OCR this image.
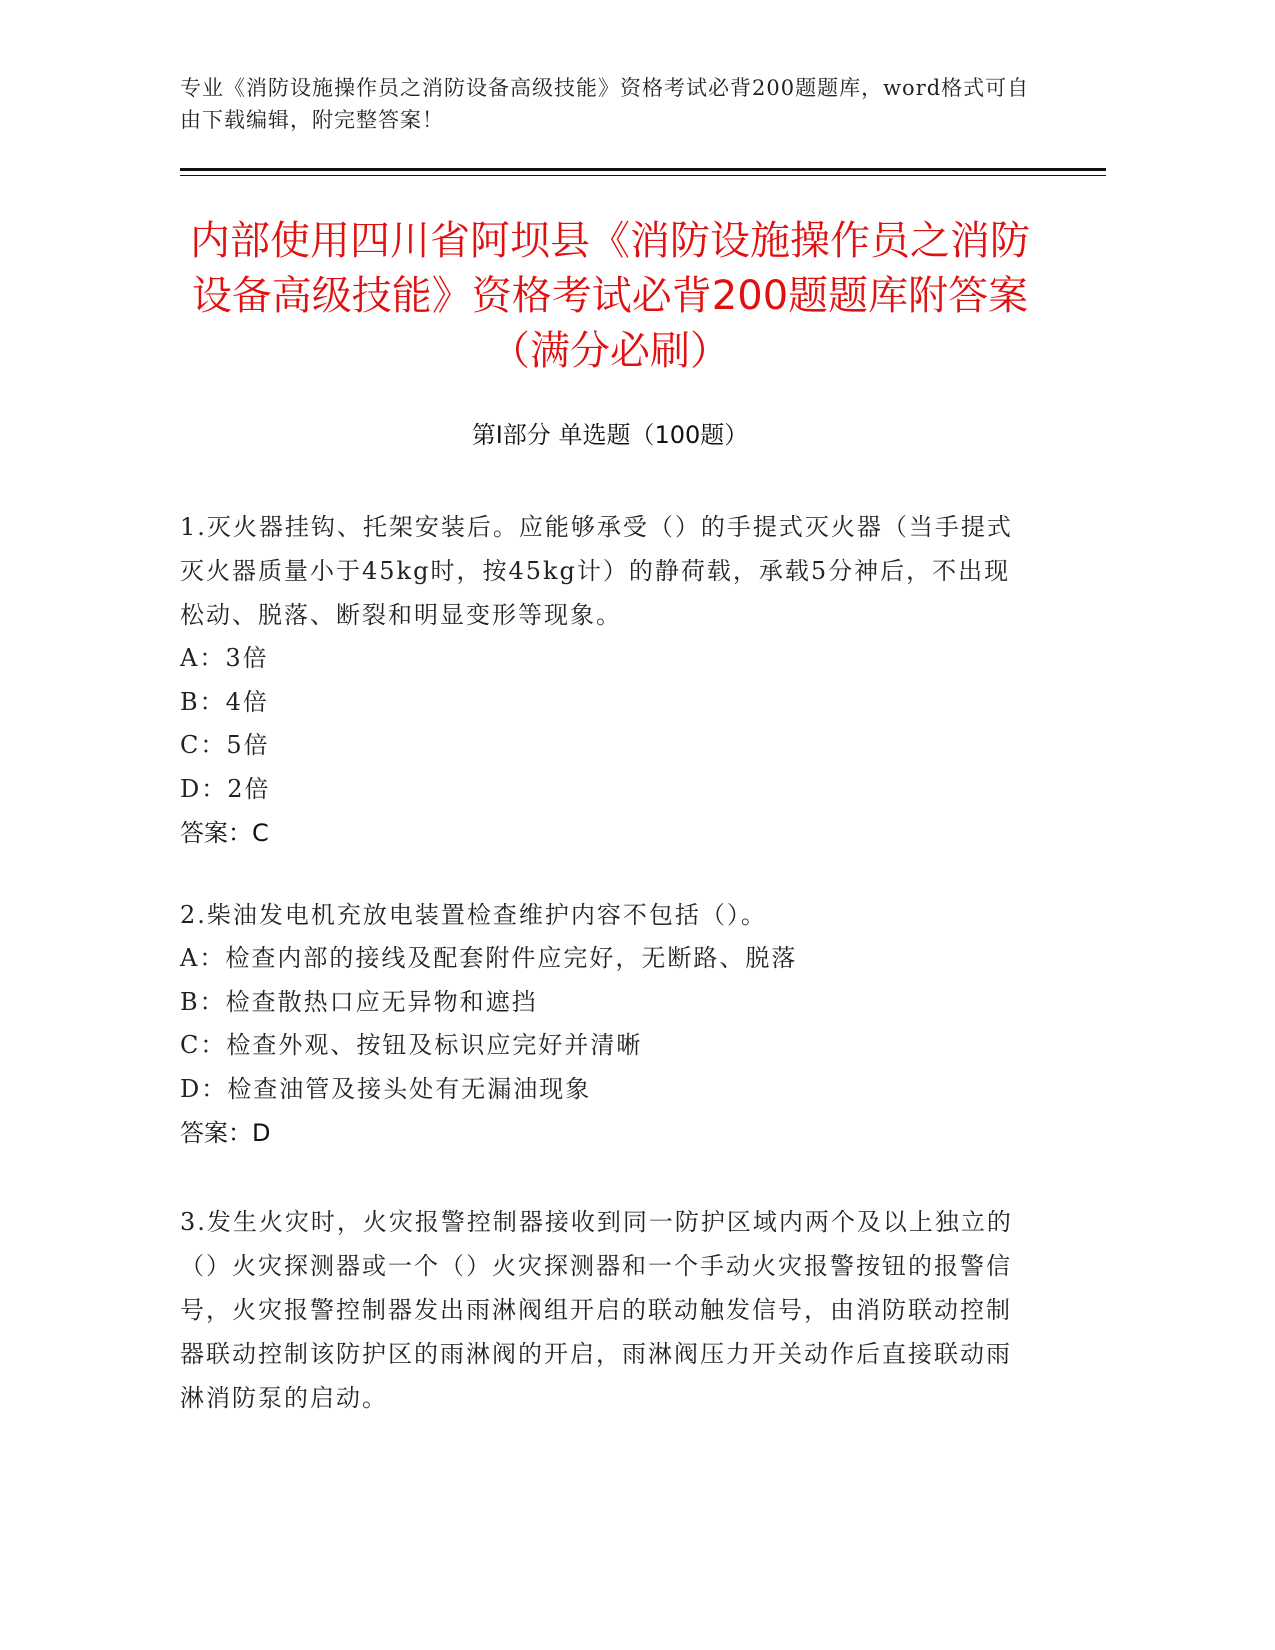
专业《消防设施操作员之消防设备高级技能》资格考试必背200题题库，word格式可自由下载编辑，附完整答案！
内部使用四川省阿坝县《消防设施操作员之消防设备高级技能》资格考试必背200题题库附答案（满分必刷）
第I部分 单选题（100题）

1.灭火器挂钩、托架安装后。应能够承受（）的手提式灭火器（当手提式灭火器质量小于45kg时，按45kg计）的静荷载，承载5分神后，不出现松动、脱落、断裂和明显变形等现象。

A：3倍

B：4倍

C：5倍

D：2倍

答案：C

2.柴油发电机充放电装置检查维护内容不包括（）。

A：检查内部的接线及配套附件应完好，无断路、脱落

B：检查散热口应无异物和遮挡

C：检查外观、按钮及标识应完好并清晰

D：检查油管及接头处有无漏油现象

答案：D

3.发生火灾时，火灾报警控制器接收到同一防护区域内两个及以上独立的（）火灾探测器或一个（）火灾探测器和一个手动火灾报警按钮的报警信号，火灾报警控制器发出雨淋阀组开启的联动触发信号，由消防联动控制器联动控制该防护区的雨淋阀的开启，雨淋阀压力开关动作后直接联动雨淋消防泵的启动。
